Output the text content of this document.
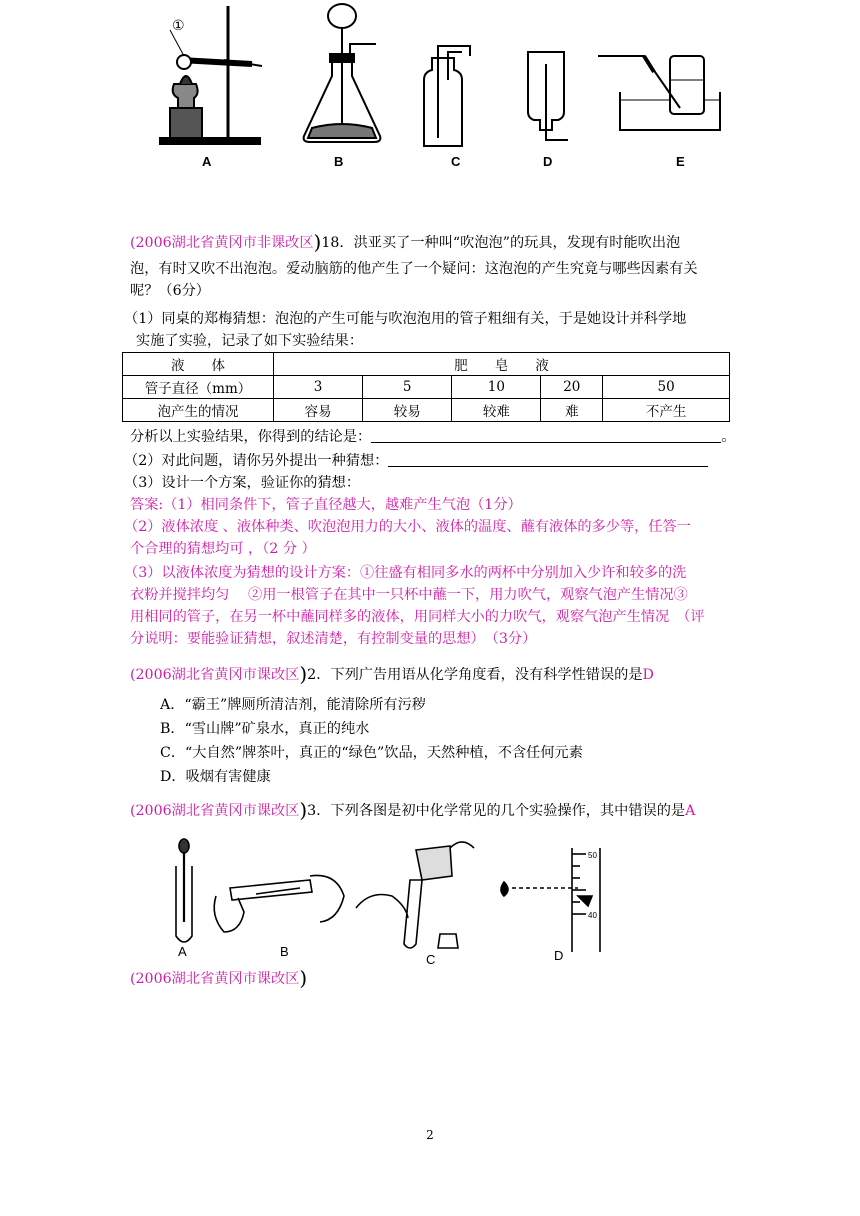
①
A	B	C	D	E
(2006湖北省黄冈市非课改区)18．洪亚买了一种叫“吹泡泡”的玩具，发现有时能吹出泡
泡，有时又吹不出泡泡。爱动脑筋的他产生了一个疑问：这泡泡的产生究竟与哪些因素有关
呢？（6分）
（1）同桌的郑梅猜想：泡泡的产生可能与吹泡泡用的管子粗细有关，于是她设计并科学地
实施了实验，记录了如下实验结果：
液　　体	肥　　皂　　液				
管子直径（mm）	3	5	10	20	50
泡产生的情况	容易	较易	较难	难	不产生
分析以上实验结果，你得到的结论是：	。
（2）对此问题，请你另外提出一种猜想：
（3）设计一个方案，验证你的猜想：
答案:（1）相同条件下，管子直径越大，越难产生气泡（1分）
（2）液体浓度 、液体种类、吹泡泡用力的大小、液体的温度、蘸有液体的多少等，任答一
个合理的猜想均可 ，（2 分 ）
（3）以液体浓度为猜想的设计方案：①往盛有相同多水的两杯中分别加入少许和较多的洗
衣粉并搅拌均匀　 ②用一根管子在其中一只杯中蘸一下，用力吹气，观察气泡产生情况③
用相同的管子，在另一杯中蘸同样多的液体，用同样大小的力吹气，观察气泡产生情况　（评
分说明：要能验证猜想，叙述清楚，有控制变量的思想）　（3分）
(2006湖北省黄冈市课改区)2．下列广告用语从化学角度看，没有科学性错误的是D
A．“霸王”牌厕所清洁剂，能清除所有污秽
B．“雪山牌”矿泉水，真正的纯水
C．“大自然”牌茶叶，真正的“绿色”饮品，天然种植，不含任何元素
D．吸烟有害健康
(2006湖北省黄冈市课改区)3．下列各图是初中化学常见的几个实验操作，其中错误的是A
50
40
A	B
C	D
(2006湖北省黄冈市课改区)
2
